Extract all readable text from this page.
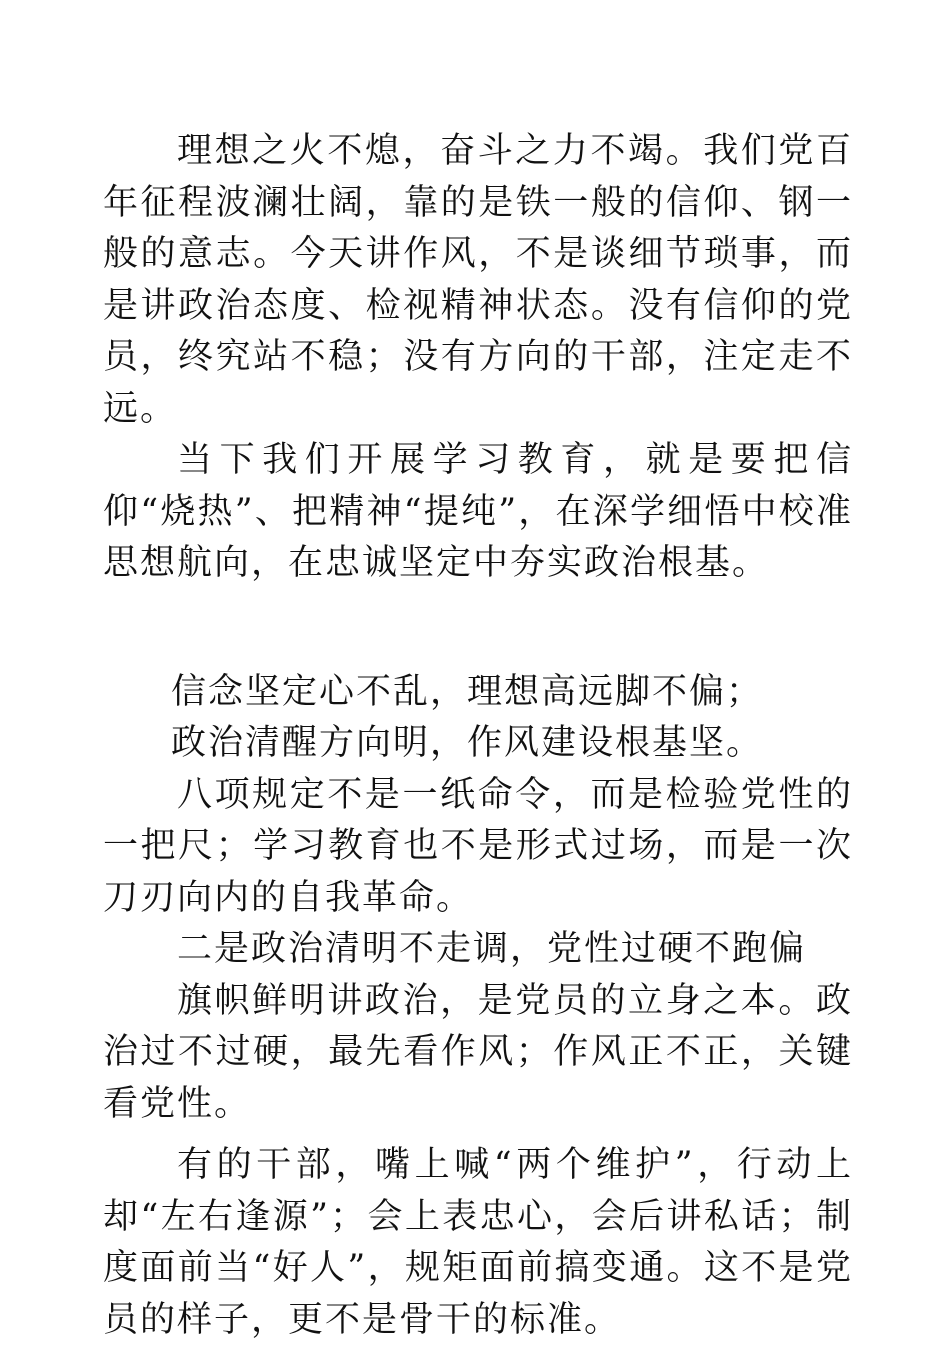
理想之火不熄，奋斗之力不竭。我们党百年征程波澜壮阔，靠的是铁一般的信仰、钢一般的意志。今天讲作风，不是谈细节琐事，而是讲政治态度、检视精神状态。没有信仰的党员，终究站不稳；没有方向的干部，注定走不远。

当下我们开展学习教育，就是要把信仰“烧热”、把精神“提纯”，在深学细悟中校准思想航向，在忠诚坚定中夯实政治根基。

信念坚定心不乱，理想高远脚不偏；

政治清醒方向明，作风建设根基坚。

八项规定不是一纸命令，而是检验党性的一把尺；学习教育也不是形式过场，而是一次刀刃向内的自我革命。

二是政治清明不走调，党性过硬不跑偏

旗帜鲜明讲政治，是党员的立身之本。政治过不过硬，最先看作风；作风正不正，关键看党性。

有的干部，嘴上喊“两个维护”，行动上却“左右逢源”；会上表忠心，会后讲私话；制度面前当“好人”，规矩面前搞变通。这不是党员的样子，更不是骨干的标准。
